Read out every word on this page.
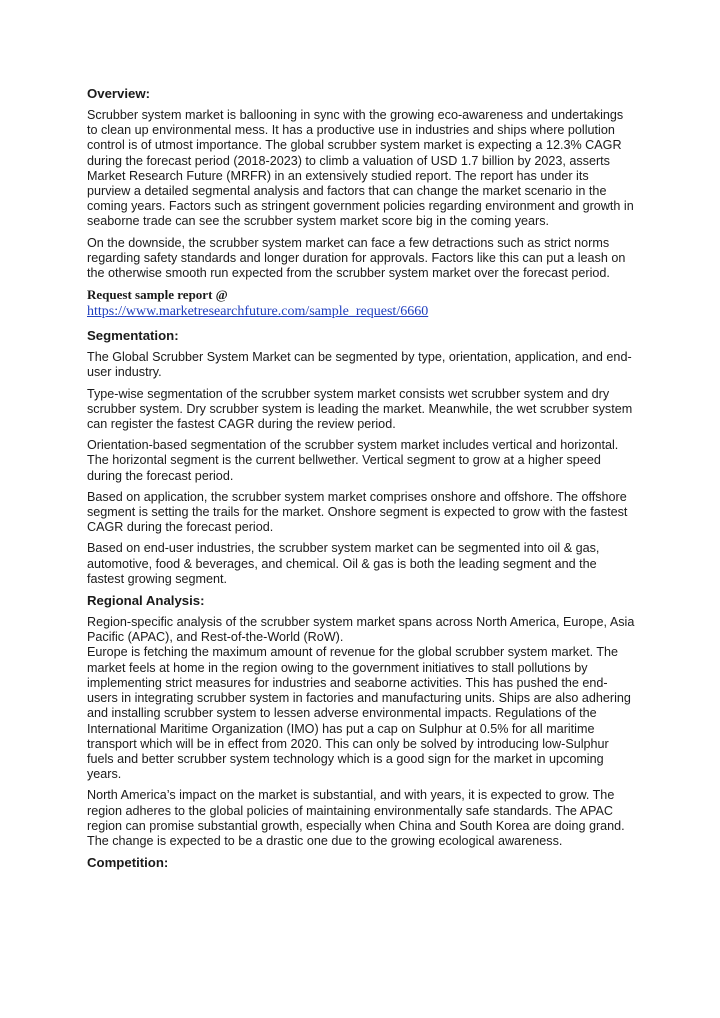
Overview:

Scrubber system market is ballooning in sync with the growing eco-awareness and undertakings to clean up environmental mess. It has a productive use in industries and ships where pollution control is of utmost importance. The global scrubber system market is expecting a 12.3% CAGR during the forecast period (2018-2023) to climb a valuation of USD 1.7 billion by 2023, asserts Market Research Future (MRFR) in an extensively studied report. The report has under its purview a detailed segmental analysis and factors that can change the market scenario in the coming years. Factors such as stringent government policies regarding environment and growth in seaborne trade can see the scrubber system market score big in the coming years.

On the downside, the scrubber system market can face a few detractions such as strict norms regarding safety standards and longer duration for approvals. Factors like this can put a leash on the otherwise smooth run expected from the scrubber system market over the forecast period.

Request sample report @
https://www.marketresearchfuture.com/sample_request/6660
Segmentation:

The Global Scrubber System Market can be segmented by type, orientation, application, and end-user industry.

Type-wise segmentation of the scrubber system market consists wet scrubber system and dry scrubber system. Dry scrubber system is leading the market. Meanwhile, the wet scrubber system can register the fastest CAGR during the review period.

Orientation-based segmentation of the scrubber system market includes vertical and horizontal. The horizontal segment is the current bellwether. Vertical segment to grow at a higher speed during the forecast period.

Based on application, the scrubber system market comprises onshore and offshore. The offshore segment is setting the trails for the market. Onshore segment is expected to grow with the fastest CAGR during the forecast period.

Based on end-user industries, the scrubber system market can be segmented into oil & gas, automotive, food & beverages, and chemical. Oil & gas is both the leading segment and the fastest growing segment.

Regional Analysis:

Region-specific analysis of the scrubber system market spans across North America, Europe, Asia Pacific (APAC), and Rest-of-the-World (RoW).

Europe is fetching the maximum amount of revenue for the global scrubber system market. The market feels at home in the region owing to the government initiatives to stall pollutions by implementing strict measures for industries and seaborne activities. This has pushed the end-users in integrating scrubber system in factories and manufacturing units. Ships are also adhering and installing scrubber system to lessen adverse environmental impacts. Regulations of the International Maritime Organization (IMO) has put a cap on Sulphur at 0.5% for all maritime transport which will be in effect from 2020. This can only be solved by introducing low-Sulphur fuels and better scrubber system technology which is a good sign for the market in upcoming years.

North America’s impact on the market is substantial, and with years, it is expected to grow. The region adheres to the global policies of maintaining environmentally safe standards. The APAC region can promise substantial growth, especially when China and South Korea are doing grand. The change is expected to be a drastic one due to the growing ecological awareness.

Competition:
